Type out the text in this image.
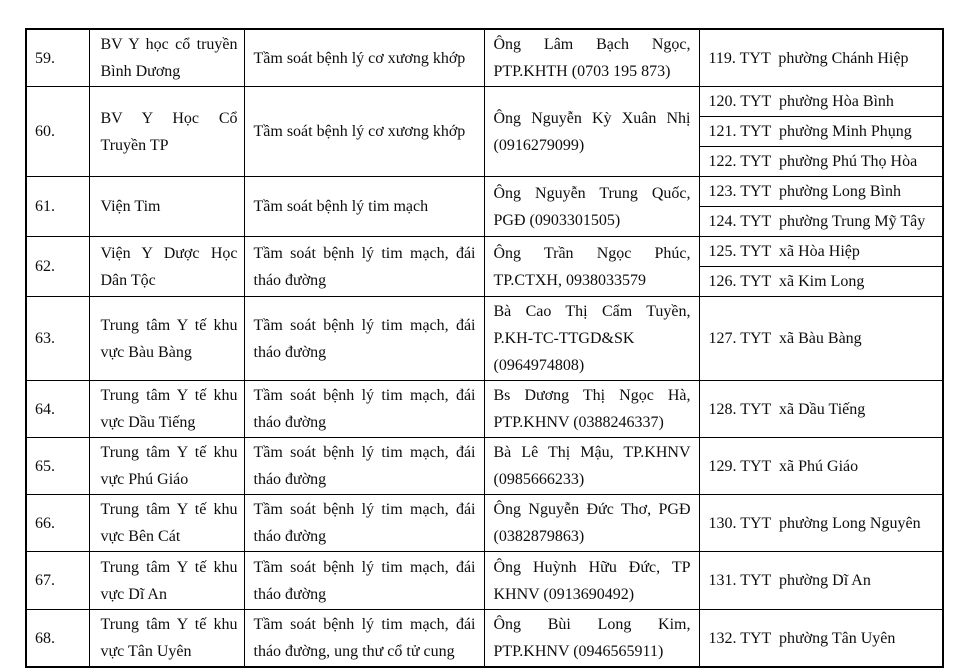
59.	BV Y học cổ truyền Bình Dương	Tầm soát bệnh lý cơ xương khớp	Ông Lâm Bạch Ngọc, PTP.KHTH (0703 195 873)	119. TYT  phường Chánh Hiệp
60.	BV Y Học Cổ Truyền TP	Tầm soát bệnh lý cơ xương khớp	Ông Nguyễn Kỳ Xuân Nhị (0916279099)	120. TYT  phường Hòa Bình
				121. TYT  phường Minh Phụng
				122. TYT  phường Phú Thọ Hòa
61.	Viện Tim	Tầm soát bệnh lý tim mạch	Ông Nguyễn Trung Quốc, PGĐ (0903301505)	123. TYT  phường Long Bình
				124. TYT  phường Trung Mỹ Tây
62.	Viện Y Dược Học Dân Tộc	Tầm soát bệnh lý tim mạch, đái tháo đường	Ông Trần Ngọc Phúc, TP.CTXH, 0938033579	125. TYT  xã Hòa Hiệp
				126. TYT  xã Kim Long
63.	Trung tâm Y tế khu vực Bàu Bàng	Tầm soát bệnh lý tim mạch, đái tháo đường	Bà Cao Thị Cẩm Tuyền, P.KH-TC-TTGD&SK (0964974808)	127. TYT  xã Bàu Bàng
64.	Trung tâm Y tế khu vực Dầu Tiếng	Tầm soát bệnh lý tim mạch, đái tháo đường	Bs Dương Thị Ngọc Hà, PTP.KHNV (0388246337)	128. TYT  xã Dầu Tiếng
65.	Trung tâm Y tế khu vực Phú Giáo	Tầm soát bệnh lý tim mạch, đái tháo đường	Bà Lê Thị Mậu, TP.KHNV (0985666233)	129. TYT  xã Phú Giáo
66.	Trung tâm Y tế khu vực Bên Cát	Tầm soát bệnh lý tim mạch, đái tháo đường	Ông Nguyễn Đức Thơ, PGĐ (0382879863)	130. TYT  phường Long Nguyên
67.	Trung tâm Y tế khu vực Dĩ An	Tầm soát bệnh lý tim mạch, đái tháo đường	Ông Huỳnh Hữu Đức, TP KHNV (0913690492)	131. TYT  phường Dĩ An
68.	Trung tâm Y tế khu vực Tân Uyên	Tầm soát bệnh lý tim mạch, đái tháo đường, ung thư cổ tử cung	Ông Bùi Long Kim, PTP.KHNV (0946565911)	132. TYT  phường Tân Uyên
